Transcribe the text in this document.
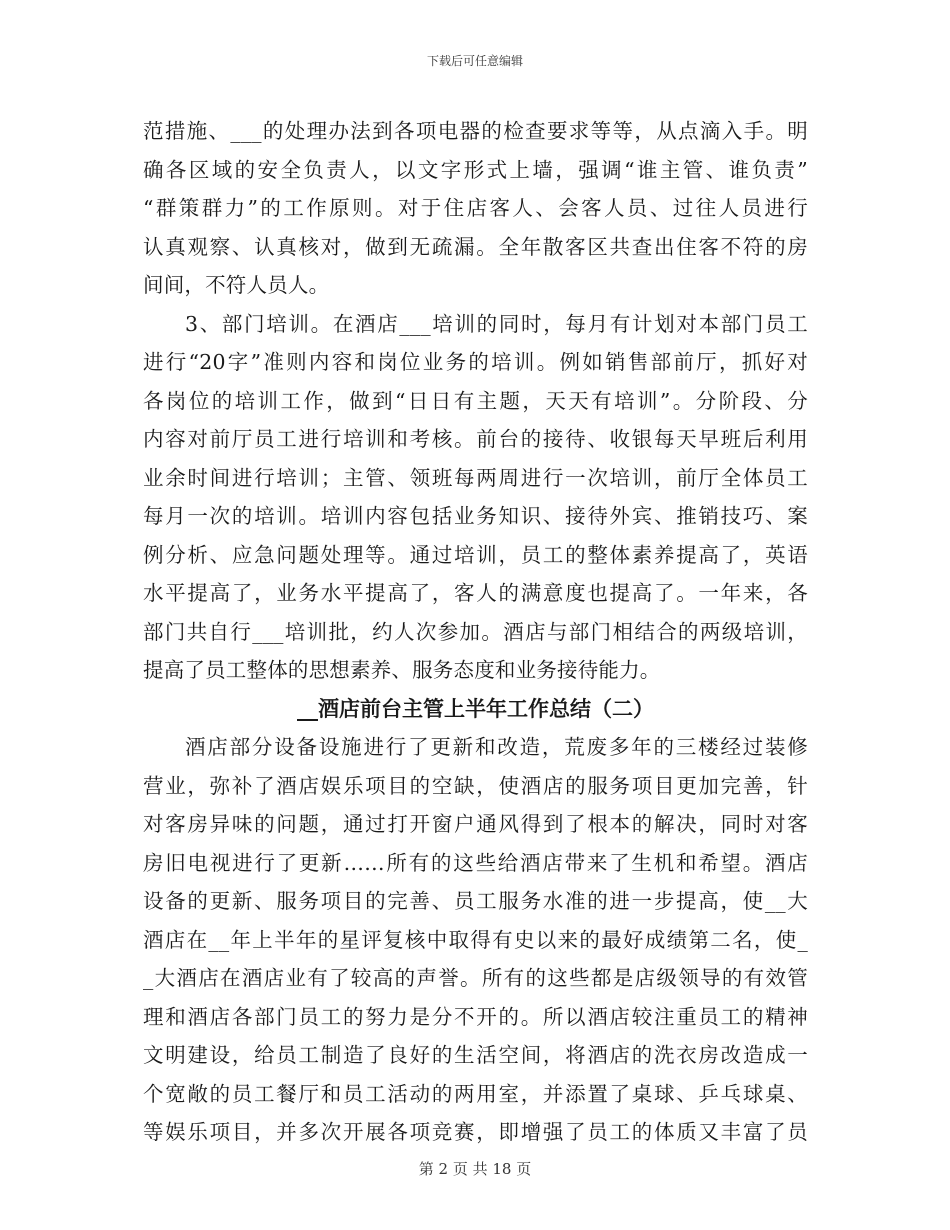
下载后可任意编辑
范措施、___的处理办法到各项电器的检查要求等等，从点滴入手。明
确各区域的安全负责人，以文字形式上墙，强调“谁主管、谁负责”
“群策群力”的工作原则。对于住店客人、会客人员、过往人员进行
认真观察、认真核对，做到无疏漏。全年散客区共查出住客不符的房
间间，不符人员人。
3、部门培训。在酒店___培训的同时，每月有计划对本部门员工
进行“20字”准则内容和岗位业务的培训。例如销售部前厅，抓好对
各岗位的培训工作，做到“日日有主题，天天有培训”。分阶段、分
内容对前厅员工进行培训和考核。前台的接待、收银每天早班后利用
业余时间进行培训；主管、领班每两周进行一次培训，前厅全体员工
每月一次的培训。培训内容包括业务知识、接待外宾、推销技巧、案
例分析、应急问题处理等。通过培训，员工的整体素养提高了，英语
水平提高了，业务水平提高了，客人的满意度也提高了。一年来，各
部门共自行___培训批，约人次参加。酒店与部门相结合的两级培训，
提高了员工整体的思想素养、服务态度和业务接待能力。
__酒店前台主管上半年工作总结（二）
酒店部分设备设施进行了更新和改造，荒废多年的三楼经过装修
营业，弥补了酒店娱乐项目的空缺，使酒店的服务项目更加完善，针
对客房异味的问题，通过打开窗户通风得到了根本的解决，同时对客
房旧电视进行了更新……所有的这些给酒店带来了生机和希望。酒店
设备的更新、服务项目的完善、员工服务水准的进一步提高，使__大
酒店在__年上半年的星评复核中取得有史以来的最好成绩第二名，使_
_大酒店在酒店业有了较高的声誉。所有的这些都是店级领导的有效管
理和酒店各部门员工的努力是分不开的。所以酒店较注重员工的精神
文明建设，给员工制造了良好的生活空间，将酒店的洗衣房改造成一
个宽敞的员工餐厅和员工活动的两用室，并添置了桌球、乒乓球桌、
等娱乐项目，并多次开展各项竞赛，即增强了员工的体质又丰富了员
第 2 页 共 18 页
